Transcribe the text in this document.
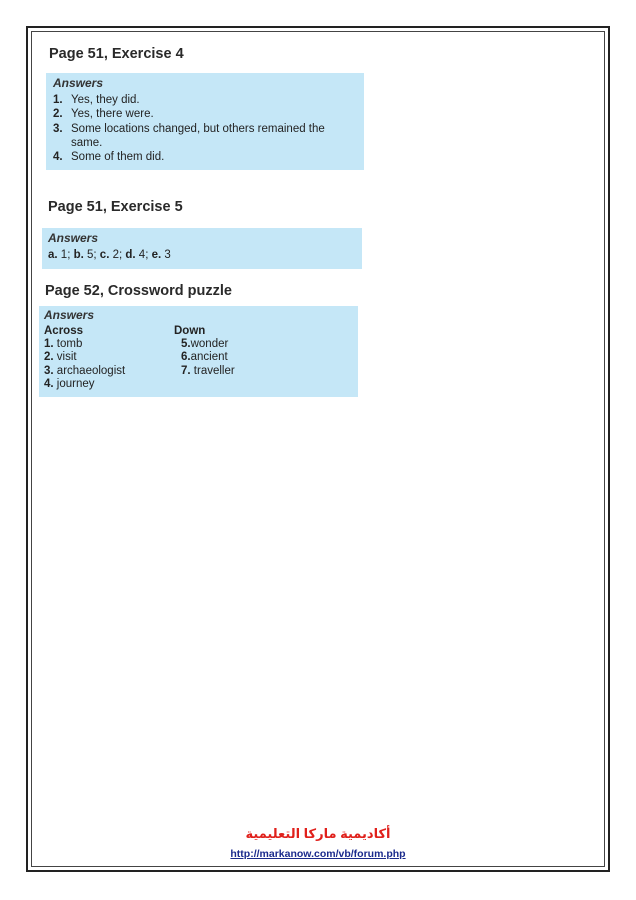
Page 51, Exercise 4
Answers
1. Yes, they did.
2. Yes, there were.
3. Some locations changed, but others remained the same.
4. Some of them did.
Page 51, Exercise 5
Answers
a. 1; b. 5; c. 2; d. 4; e. 3
Page 52, Crossword puzzle
Answers
Across
1. tomb
2. visit
3. archaeologist
4. journey
Down
5.wonder
6.ancient
7. traveller
أكاديمية ماركا التعليمية
http://markanow.com/vb/forum.php
